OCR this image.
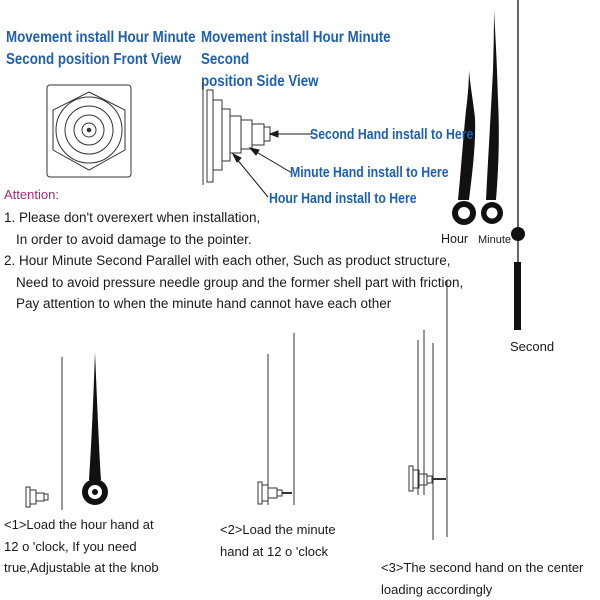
Movement install Hour Minute
Second position Front View
Movement install Hour Minute Second
position Side View
Second Hand install to Here
Minute Hand install to Here
Hour Hand install to Here
Attention:
1. Please don't overexert when installation,
In order to avoid damage to the pointer.
2. Hour Minute Second Parallel with each other, Such as product structure,
Need to avoid pressure needle group and the former shell part with friction,
Pay attention to when the minute hand cannot have each other
Hour Minute
Second
<1>Load the hour hand at
12 o 'clock, If you need
true,Adjustable at the knob
<2>Load the minute
hand at 12 o 'clock
<3>The second hand on the center
loading accordingly
